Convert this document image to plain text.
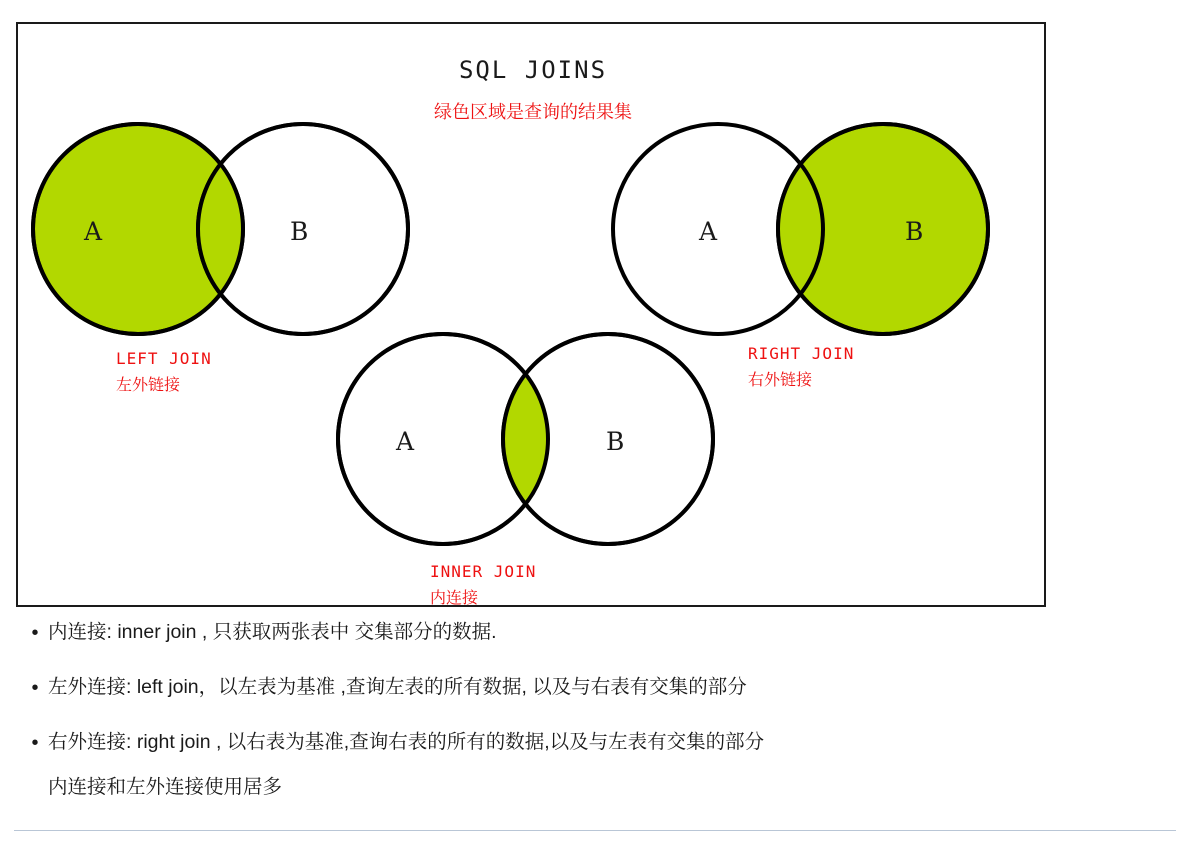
A	B	A	B
A	B
SQL JOINS
绿色区域是查询的结果集
LEFT JOIN
左外链接
RIGHT JOIN
右外链接
INNER JOIN
内连接
• 内连接: inner join , 只获取两张表中 交集部分的数据.
• 左外连接: left join，以左表为基准 ,查询左表的所有数据, 以及与右表有交集的部分
• 右外连接: right join , 以右表为基准,查询右表的所有的数据,以及与左表有交集的部分
内连接和左外连接使用居多
